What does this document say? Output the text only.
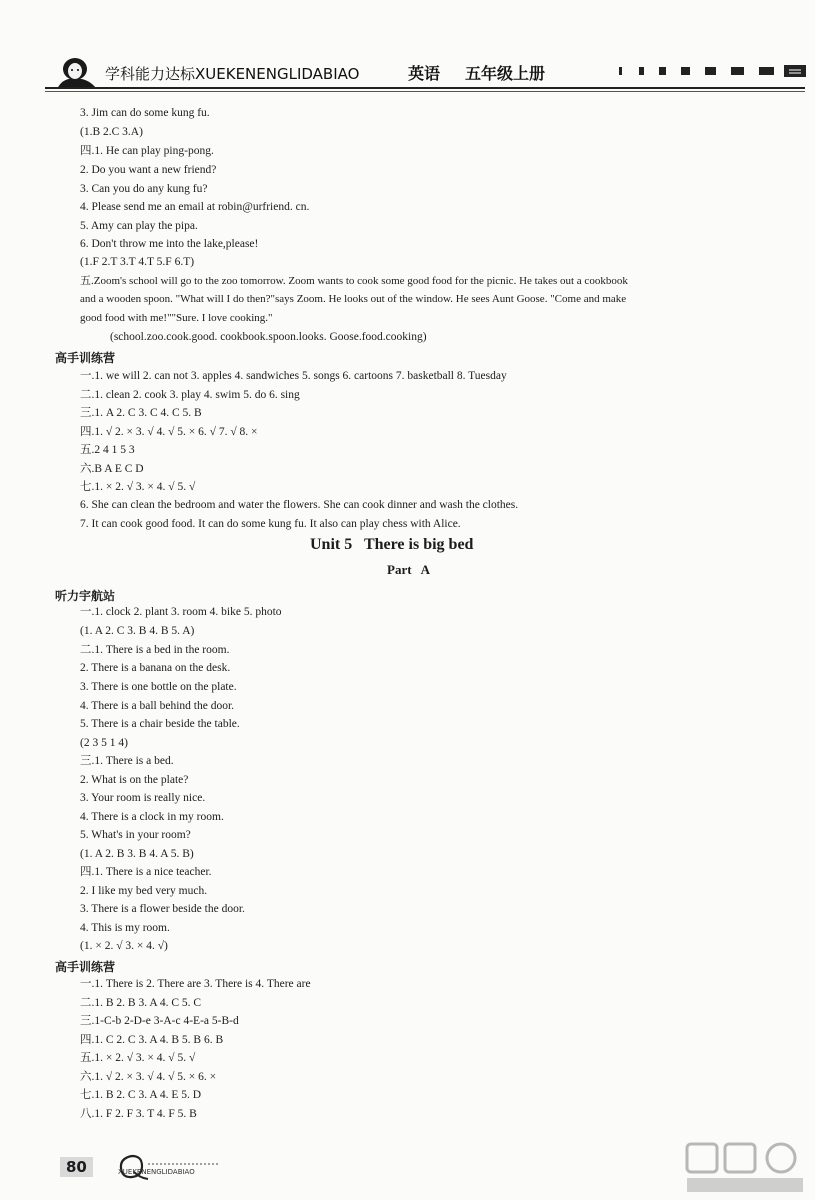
学科能力达标XUEKENENGLIDABIAO	英语 五年级上册
3. Jim can do some kung fu.
(1.B 2.C 3.A)
四.1. He can play ping-pong.
2. Do you want a new friend?
3. Can you do any kung fu?
4. Please send me an email at robin@urfriend. cn.
5. Amy can play the pipa.
6. Don't throw me into the lake,please!
(1.F 2.T 3.T 4.T 5.F 6.T)
五.Zoom's school will go to the zoo tomorrow. Zoom wants to cook some good food for the picnic. He takes out a cookbook
and a wooden spoon. "What will I do then?"says Zoom. He looks out of the window. He sees Aunt Goose. "Come and make
good food with me!""Sure. I love cooking."
(school.zoo.cook.good. cookbook.spoon.looks. Goose.food.cooking)
高手训练营
一.1. we will 2. can not 3. apples 4. sandwiches 5. songs 6. cartoons 7. basketball 8. Tuesday
二.1. clean 2. cook 3. play 4. swim 5. do 6. sing
三.1. A 2. C 3. C 4. C 5. B
四.1. √ 2. × 3. √ 4. √ 5. × 6. √ 7. √ 8. ×
五.2 4 1 5 3
六.B A E C D
七.1. × 2. √ 3. × 4. √ 5. √
6. She can clean the bedroom and water the flowers. She can cook dinner and wash the clothes.
7. It can cook good food. It can do some kung fu. It also can play chess with Alice.
Unit 5   There is big bed
Part   A
听力宇航站
一.1. clock 2. plant 3. room 4. bike 5. photo
(1. A 2. C 3. B 4. B 5. A)
二.1. There is a bed in the room.
2. There is a banana on the desk.
3. There is one bottle on the plate.
4. There is a ball behind the door.
5. There is a chair beside the table.
(2 3 5 1 4)
三.1. There is a bed.
2. What is on the plate?
3. Your room is really nice.
4. There is a clock in my room.
5. What's in your room?
(1. A 2. B 3. B 4. A 5. B)
四.1. There is a nice teacher.
2. I like my bed very much.
3. There is a flower beside the door.
4. This is my room.
(1. × 2. √ 3. × 4. √)
高手训练营
一.1. There is 2. There are 3. There is 4. There are
二.1. B 2. B 3. A 4. C 5. C
三.1-C-b 2-D-e 3-A-c 4-E-a 5-B-d
四.1. C 2. C 3. A 4. B 5. B 6. B
五.1. × 2. √ 3. × 4. √ 5. √
六.1. √ 2. × 3. √ 4. √ 5. × 6. ×
七.1. B 2. C 3. A 4. E 5. D
八.1. F 2. F 3. T 4. F 5. B
80	XUEKENENGLIDABIAO
